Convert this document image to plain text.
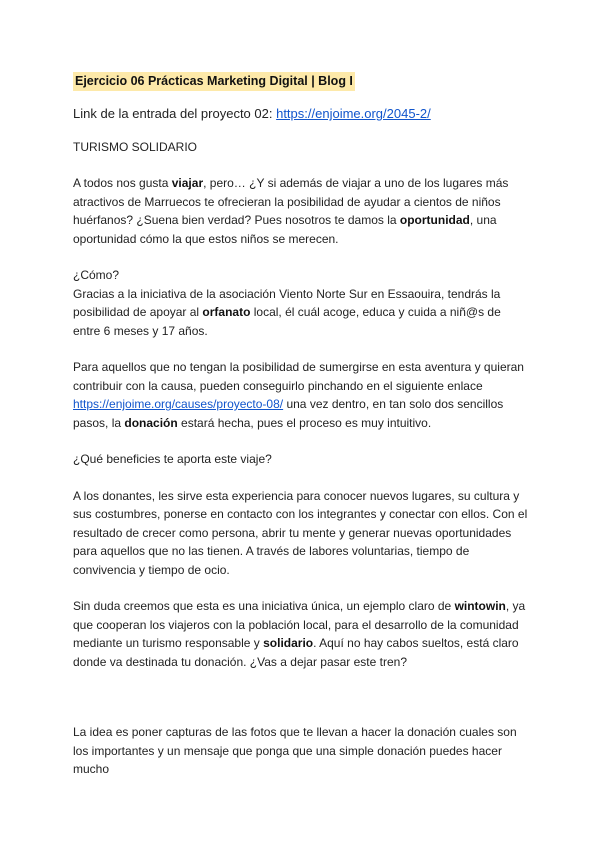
Ejercicio 06 Prácticas Marketing Digital | Blog I

Link de la entrada del proyecto 02: https://enjoime.org/2045-2/

TURISMO SOLIDARIO

A todos nos gusta viajar, pero… ¿Y si además de viajar a uno de los lugares más atractivos de Marruecos te ofrecieran la posibilidad de ayudar a cientos de niños huérfanos? ¿Suena bien verdad? Pues nosotros te damos la oportunidad, una oportunidad cómo la que estos niños se merecen.

¿Cómo?
Gracias a la iniciativa de la asociación Viento Norte Sur en Essaouira, tendrás la posibilidad de apoyar al orfanato local, él cuál acoge, educa y cuida a niñ@s de entre 6 meses y 17 años.

Para aquellos que no tengan la posibilidad de sumergirse en esta aventura y quieran contribuir con la causa, pueden conseguirlo pinchando en el siguiente enlace https://enjoime.org/causes/proyecto-08/ una vez dentro, en tan solo dos sencillos pasos, la donación estará hecha, pues el proceso es muy intuitivo.

¿Qué beneficies te aporta este viaje?

A los donantes, les sirve esta experiencia para conocer nuevos lugares, su cultura y sus costumbres, ponerse en contacto con los integrantes y conectar con ellos. Con el resultado de crecer como persona, abrir tu mente y generar nuevas oportunidades para aquellos que no las tienen. A través de labores voluntarias, tiempo de convivencia y tiempo de ocio.

Sin duda creemos que esta es una iniciativa única, un ejemplo claro de wintowin, ya que cooperan los viajeros con la población local, para el desarrollo de la comunidad mediante un turismo responsable y solidario. Aquí no hay cabos sueltos, está claro donde va destinada tu donación. ¿Vas a dejar pasar este tren?

La idea es poner capturas de las fotos que te llevan a hacer la donación cuales son los importantes y un mensaje que ponga que una simple donación puedes hacer mucho
